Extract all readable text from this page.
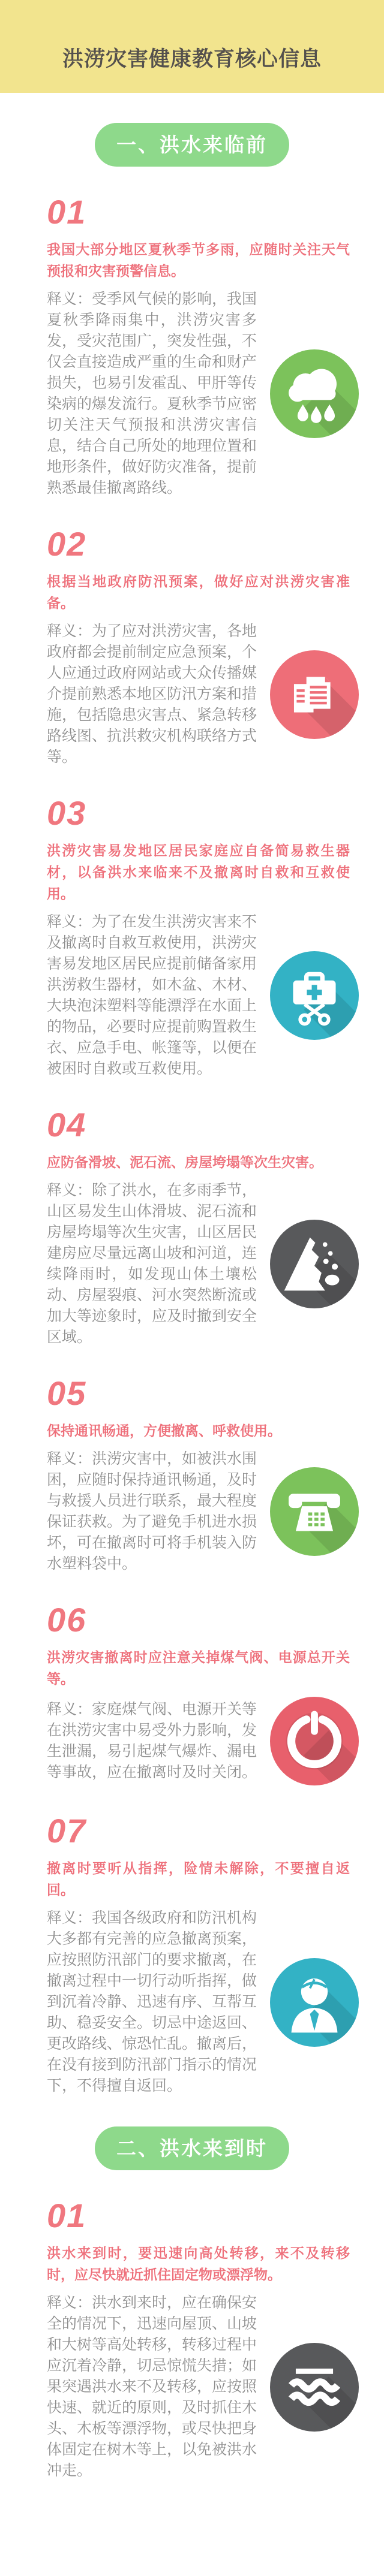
洪涝灾害健康教育核心信息
一、洪水来临前
01
我国大部分地区夏秋季节多雨，应随时关注天气预报和灾害预警信息。

释义：受季风气候的影响，我国夏秋季降雨集中，洪涝灾害多发，受灾范围广，突发性强，不仅会直接造成严重的生命和财产损失，也易引发霍乱、甲肝等传染病的爆发流行。夏秋季节应密切关注天气预报和洪涝灾害信息，结合自己所处的地理位置和地形条件，做好防灾准备，提前熟悉最佳撤离路线。

02
根据当地政府防汛预案，做好应对洪涝灾害准备。

释义：为了应对洪涝灾害，各地政府都会提前制定应急预案，个人应通过政府网站或大众传播媒介提前熟悉本地区防汛方案和措施，包括隐患灾害点、紧急转移路线图、抗洪救灾机构联络方式等。

03
洪涝灾害易发地区居民家庭应自备简易救生器材，以备洪水来临来不及撤离时自救和互救使用。

释义：为了在发生洪涝灾害来不及撤离时自救互救使用，洪涝灾害易发地区居民应提前储备家用洪涝救生器材，如木盆、木材、大块泡沫塑料等能漂浮在水面上的物品，必要时应提前购置救生衣、应急手电、帐篷等，以便在被困时自救或互救使用。

04
应防备滑坡、泥石流、房屋垮塌等次生灾害。

释义：除了洪水，在多雨季节，山区易发生山体滑坡、泥石流和房屋垮塌等次生灾害，山区居民建房应尽量远离山坡和河道，连续降雨时，如发现山体土壤松动、房屋裂痕、河水突然断流或加大等迹象时，应及时撤到安全区域。

05
保持通讯畅通，方便撤离、呼救使用。

释义：洪涝灾害中，如被洪水围困，应随时保持通讯畅通，及时与救援人员进行联系，最大程度保证获救。为了避免手机进水损坏，可在撤离时可将手机装入防水塑料袋中。

06
洪涝灾害撤离时应注意关掉煤气阀、电源总开关等。

释义：家庭煤气阀、电源开关等在洪涝灾害中易受外力影响，发生泄漏，易引起煤气爆炸、漏电等事故，应在撤离时及时关闭。

07
撤离时要听从指挥，险情未解除，不要擅自返回。

释义：我国各级政府和防汛机构大多都有完善的应急撤离预案，应按照防汛部门的要求撤离，在撤离过程中一切行动听指挥，做到沉着冷静、迅速有序、互帮互助、稳妥安全。切忌中途返回、更改路线、惊恐忙乱。撤离后，在没有接到防汛部门指示的情况下，不得擅自返回。

二、洪水来到时
01
洪水来到时，要迅速向高处转移，来不及转移时，应尽快就近抓住固定物或漂浮物。

释义：洪水到来时，应在确保安全的情况下，迅速向屋顶、山坡和大树等高处转移，转移过程中应沉着冷静，切忌惊慌失措；如果突遇洪水来不及转移，应按照快速、就近的原则，及时抓住木头、木板等漂浮物，或尽快把身体固定在树木等上，以免被洪水冲走。
